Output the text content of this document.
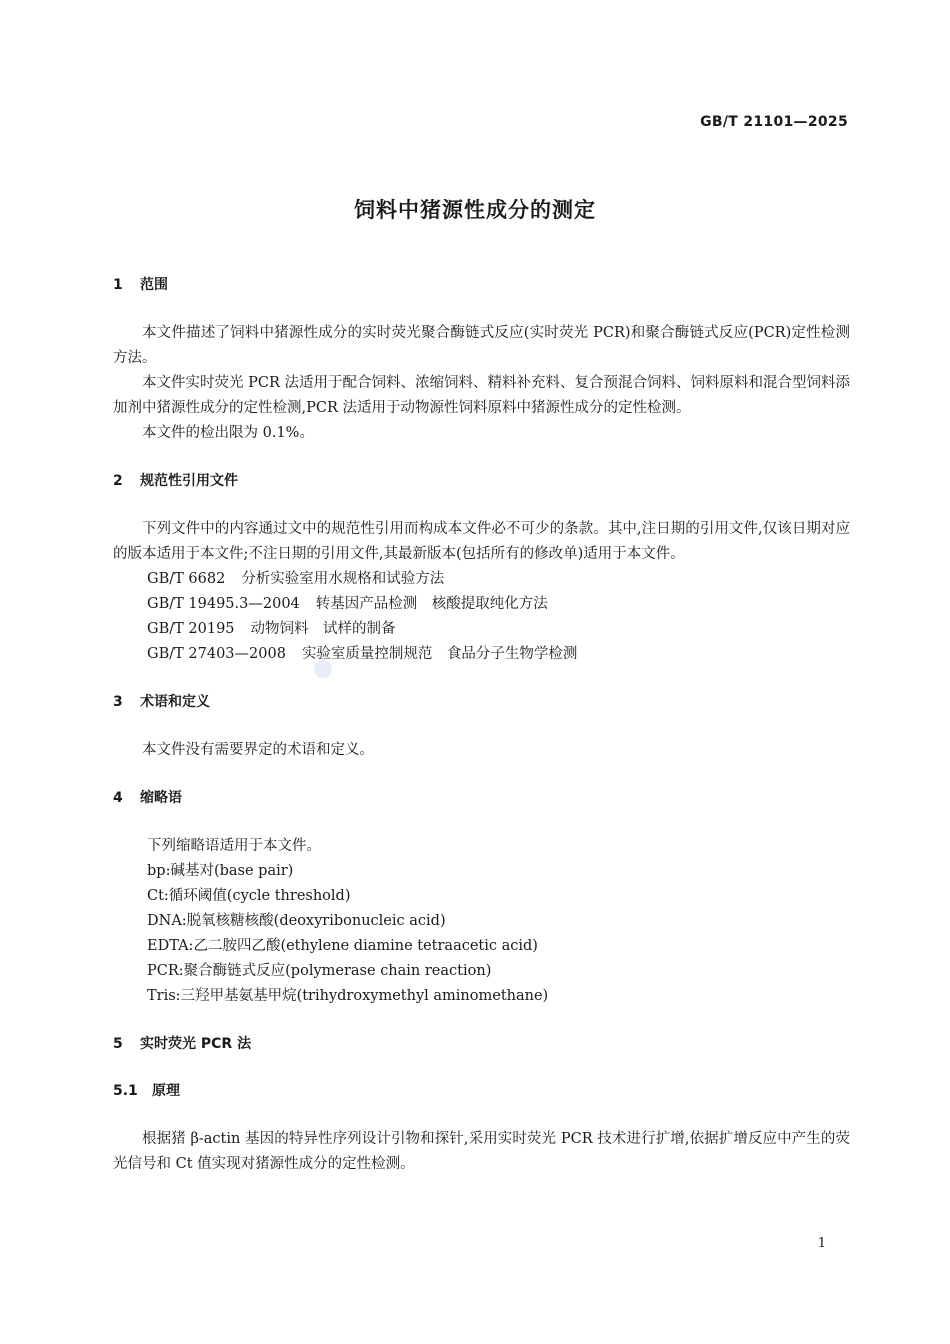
GB/T 21101—2025
饲料中猪源性成分的测定
1 范围

本文件描述了饲料中猪源性成分的实时荧光聚合酶链式反应(实时荧光 PCR)和聚合酶链式反应(PCR)定性检测方法。

本文件实时荧光 PCR 法适用于配合饲料、浓缩饲料、精料补充料、复合预混合饲料、饲料原料和混合型饲料添加剂中猪源性成分的定性检测,PCR 法适用于动物源性饲料原料中猪源性成分的定性检测。

本文件的检出限为 0.1%。

2 规范性引用文件

下列文件中的内容通过文中的规范性引用而构成本文件必不可少的条款。其中,注日期的引用文件,仅该日期对应的版本适用于本文件;不注日期的引用文件,其最新版本(包括所有的修改单)适用于本文件。

GB/T 6682 分析实验室用水规格和试验方法
GB/T 19495.3—2004 转基因产品检测　核酸提取纯化方法
GB/T 20195 动物饲料　试样的制备
GB/T 27403—2008 实验室质量控制规范　食品分子生物学检测
3 术语和定义

本文件没有需要界定的术语和定义。

4 缩略语
下列缩略语适用于本文件。
bp:碱基对(base pair)
Ct:循环阈值(cycle threshold)
DNA:脱氧核糖核酸(deoxyribonucleic acid)
EDTA:乙二胺四乙酸(ethylene diamine tetraacetic acid)
PCR:聚合酶链式反应(polymerase chain reaction)
Tris:三羟甲基氨基甲烷(trihydroxymethyl aminomethane)
5 实时荧光 PCR 法
5.1 原理

根据猪 β-actin 基因的特异性序列设计引物和探针,采用实时荧光 PCR 技术进行扩增,依据扩增反应中产生的荧光信号和 Ct 值实现对猪源性成分的定性检测。

1
